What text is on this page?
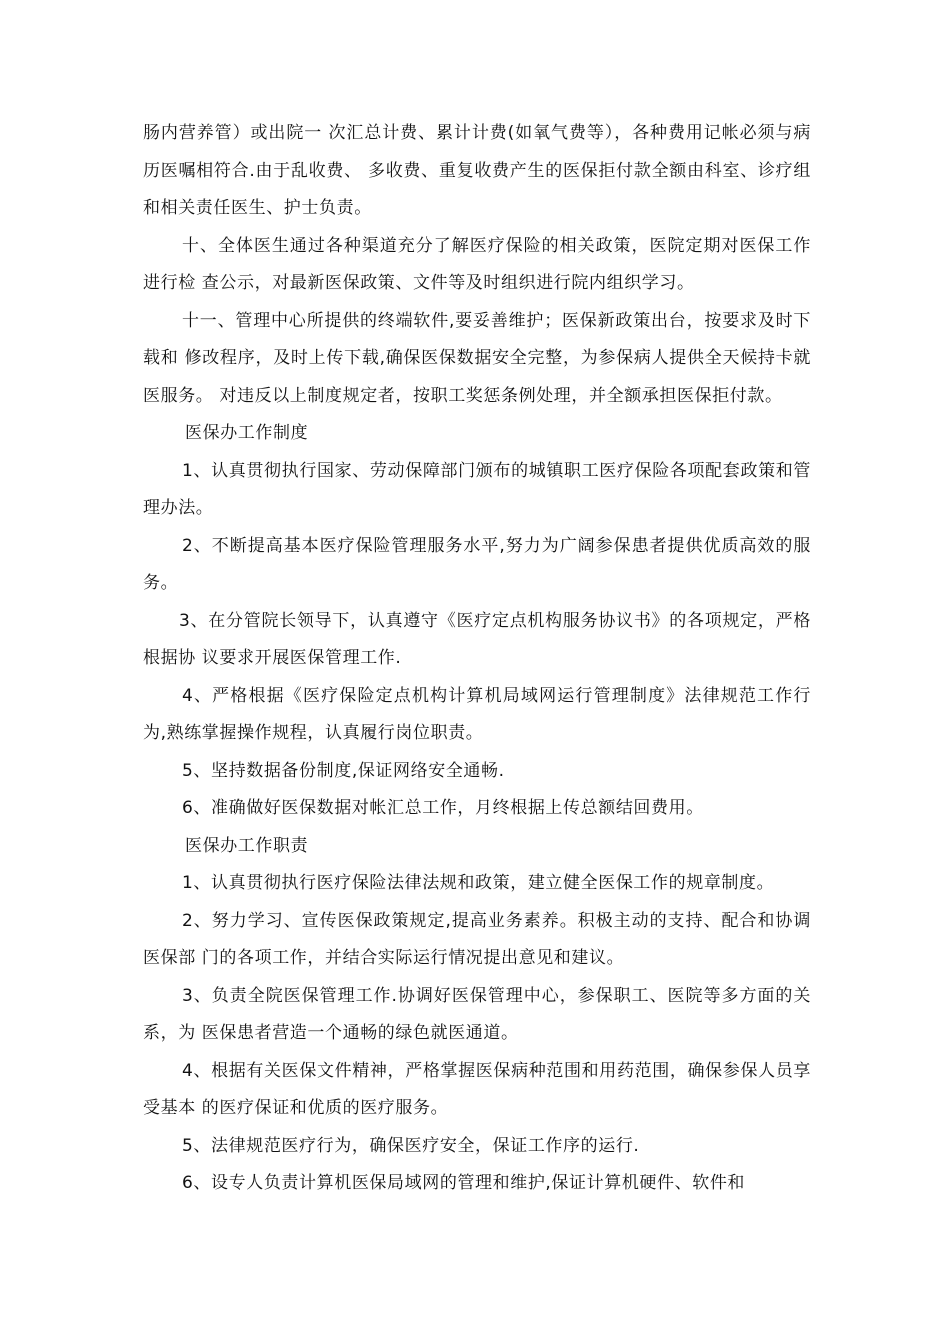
肠内营养管）或出院一 次汇总计费、累计计费(如氧气费等），各种费用记帐必须与病历医嘱相符合.由于乱收费、 多收费、重复收费产生的医保拒付款全额由科室、诊疗组和相关责任医生、护士负责。

十、全体医生通过各种渠道充分了解医疗保险的相关政策，医院定期对医保工作进行检 查公示，对最新医保政策、文件等及时组织进行院内组织学习。

十一、管理中心所提供的终端软件,要妥善维护；医保新政策出台，按要求及时下载和 修改程序，及时上传下载,确保医保数据安全完整，为参保病人提供全天候持卡就医服务。 对违反以上制度规定者，按职工奖惩条例处理，并全额承担医保拒付款。

医保办工作制度

1、认真贯彻执行国家、劳动保障部门颁布的城镇职工医疗保险各项配套政策和管理办法。

2、不断提高基本医疗保险管理服务水平,努力为广阔参保患者提供优质高效的服务。

3、在分管院长领导下，认真遵守《医疗定点机构服务协议书》的各项规定，严格根据协 议要求开展医保管理工作.

4、严格根据《医疗保险定点机构计算机局域网运行管理制度》法律规范工作行为,熟练掌握操作规程，认真履行岗位职责。

5、坚持数据备份制度,保证网络安全通畅.

6、准确做好医保数据对帐汇总工作，月终根据上传总额结回费用。

医保办工作职责

1、认真贯彻执行医疗保险法律法规和政策，建立健全医保工作的规章制度。

2、努力学习、宣传医保政策规定,提高业务素养。积极主动的支持、配合和协调医保部 门的各项工作，并结合实际运行情况提出意见和建议。

3、负责全院医保管理工作.协调好医保管理中心，参保职工、医院等多方面的关系，为 医保患者营造一个通畅的绿色就医通道。

4、根据有关医保文件精神，严格掌握医保病种范围和用药范围，确保参保人员享受基本 的医疗保证和优质的医疗服务。

5、法律规范医疗行为，确保医疗安全，保证工作序的运行.

6、设专人负责计算机医保局域网的管理和维护,保证计算机硬件、软件和
